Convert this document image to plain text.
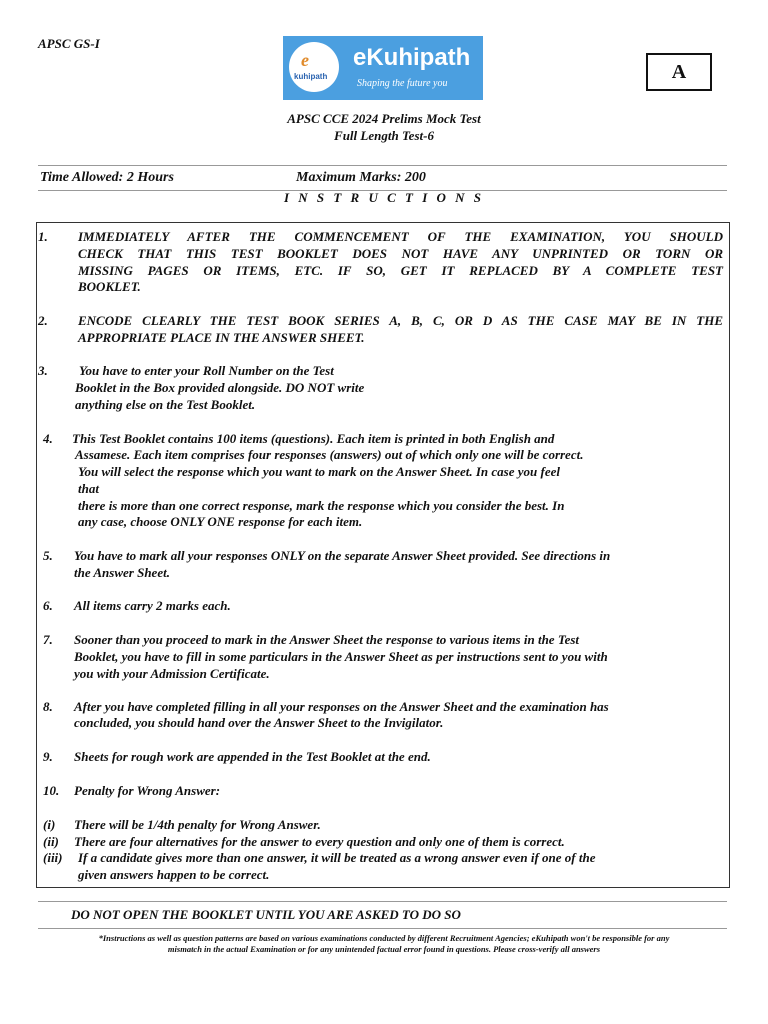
APSC GS-I
e
kuhipath
eKuhipath
Shaping the future you
A
APSC CCE 2024 Prelims Mock Test
Full Length Test-6
Time Allowed: 2 Hours	Maximum Marks: 200
I N S T R U C T I O N S
1. IMMEDIATELY AFTER THE COMMENCEMENT OF THE EXAMINATION, YOU SHOULD
CHECK THAT THIS TEST BOOKLET DOES NOT HAVE ANY UNPRINTED OR TORN OR
MISSING PAGES OR ITEMS, ETC. IF SO, GET IT REPLACED BY A COMPLETE TEST
BOOKLET.
2. ENCODE CLEARLY THE TEST BOOK SERIES A, B, C, OR D AS THE CASE MAY BE IN THE
APPROPRIATE PLACE IN THE ANSWER SHEET.
3. You have to enter your Roll Number on the Test
Booklet in the Box provided alongside. DO NOT write
anything else on the Test Booklet.
4. This Test Booklet contains 100 items (questions). Each item is printed in both English and
Assamese. Each item comprises four responses (answers) out of which only one will be correct.
You will select the response which you want to mark on the Answer Sheet. In case you feel
that
there is more than one correct response, mark the response which you consider the best. In
any case, choose ONLY ONE response for each item.
5. You have to mark all your responses ONLY on the separate Answer Sheet provided. See directions in
the Answer Sheet.
6. All items carry 2 marks each.
7. Sooner than you proceed to mark in the Answer Sheet the response to various items in the Test
Booklet, you have to fill in some particulars in the Answer Sheet as per instructions sent to you with
you with your Admission Certificate.
8. After you have completed filling in all your responses on the Answer Sheet and the examination has
concluded, you should hand over the Answer Sheet to the Invigilator.
9. Sheets for rough work are appended in the Test Booklet at the end.
10. Penalty for Wrong Answer:
(i) There will be 1/4th penalty for Wrong Answer.
(ii) There are four alternatives for the answer to every question and only one of them is correct.
(iii) If a candidate gives more than one answer, it will be treated as a wrong answer even if one of the
given answers happen to be correct.
DO NOT OPEN THE BOOKLET UNTIL YOU ARE ASKED TO DO SO
*Instructions as well as question patterns are based on various examinations conducted by different Recruitment Agencies; eKuhipath won't be responsible for any
mismatch in the actual Examination or for any unintended factual error found in questions. Please cross-verify all answers
